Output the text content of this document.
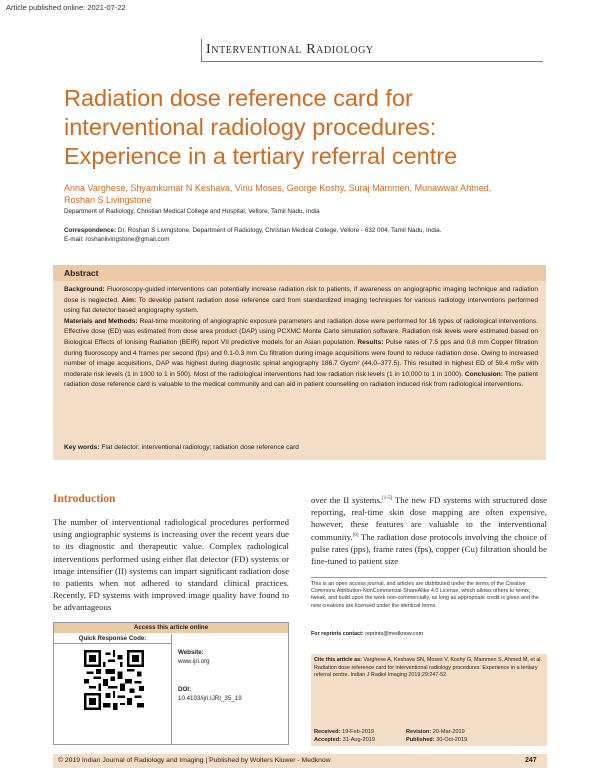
Article published online: 2021-07-22
Interventional Radiology
Radiation dose reference card for interventional radiology procedures: Experience in a tertiary referral centre
Anna Varghese, Shyamkumar N Keshava, Vinu Moses, George Koshy, Suraj Mammen, Munawwar Ahmed, Roshan S Livingstone
Department of Radiology, Christian Medical College and Hospital, Vellore, Tamil Nadu, India
Correspondence: Dr. Roshan S Livingstone, Department of Radiology, Christian Medical College, Vellore - 632 004, Tamil Nadu, India.
E-mail: roshanlivingstone@gmail.com
Abstract
Background: Fluoroscopy-guided interventions can potentially increase radiation risk to patients, if awareness on angiographic imaging technique and radiation dose is neglected. Aim: To develop patient radiation dose reference card from standardized imaging techniques for various radiology interventions performed using flat detector based angiography system.
Materials and Methods: Real-time monitoring of angiographic exposure parameters and radiation dose were performed for 16 types of radiological interventions. Effective dose (ED) was estimated from dose area product (DAP) using PCXMC Monte Carlo simulation software. Radiation risk levels were estimated based on Biological Effects of Ionising Radiation (BEIR) report VII predictive models for an Asian population. Results: Pulse rates of 7.5 pps and 0.8 mm Copper filtration during fluoroscopy and 4 frames per second (fps) and 0.1-0.3 mm Cu filtration during image acquisitions were found to reduce radiation dose. Owing to increased number of image acquisitions, DAP was highest during diagnostic spinal angiography 186.7 Gycm² (44.0–377.5). This resulted in highest ED of 59.4 mSv with moderate risk levels (1 in 1000 to 1 in 500). Most of the radiological interventions had low radiation risk levels (1 in 10,000 to 1 in 1000). Conclusion: The patient radiation dose reference card is valuable to the medical community and can aid in patient counselling on radiation induced risk from radiological interventions.
Key words: Flat detector; interventional radiology; radiation dose reference card
Introduction

The number of interventional radiological procedures performed using angiographic systems is increasing over the recent years due to its diagnostic and therapeutic value. Complex radiological interventions performed using either flat detector (FD) systems or image intensifier (II) systems can impart significant radiation dose to patients when not adhered to standard clinical practices. Recently, FD systems with improved image quality have found to be advantageous

over the II systems.[1-5] The new FD systems with structured dose reporting, real-time skin dose mapping are often expensive, however, these features are valuable to the interventional community.[6] The radiation dose protocols involving the choice of pulse rates (pps), frame rates (fps), copper (Cu) filtration should be fine-tuned to patient size

This is an open access journal, and articles are distributed under the terms of the Creative Commons Attribution-NonCommercial-ShareAlike 4.0 License, which allows others to remix, tweak, and build upon the work non-commercially, as long as appropriate credit is given and the new creations are licensed under the identical terms.
For reprints contact: reprints@medknow.com
Cite this article as: Varghese A, Keshava SN, Moses V, Koshy G, Mammen S, Ahmed M, et al. Radiation dose reference card for interventional radiology procedures: Experience in a tertiary referral centre. Indian J Radiol Imaging 2019;29:247-52.
Received: 19-Feb-2019	Revision: 20-Mar-2019
Accepted: 31-Aug-2019	Published: 30-Oct-2019
Access this article online
Quick Response Code:
Website:
www.ijri.org
DOI:
10.4103/ijri.IJRI_35_19
© 2019 Indian Journal of Radiology and Imaging | Published by Wolters Kluwer - Medknow	247
